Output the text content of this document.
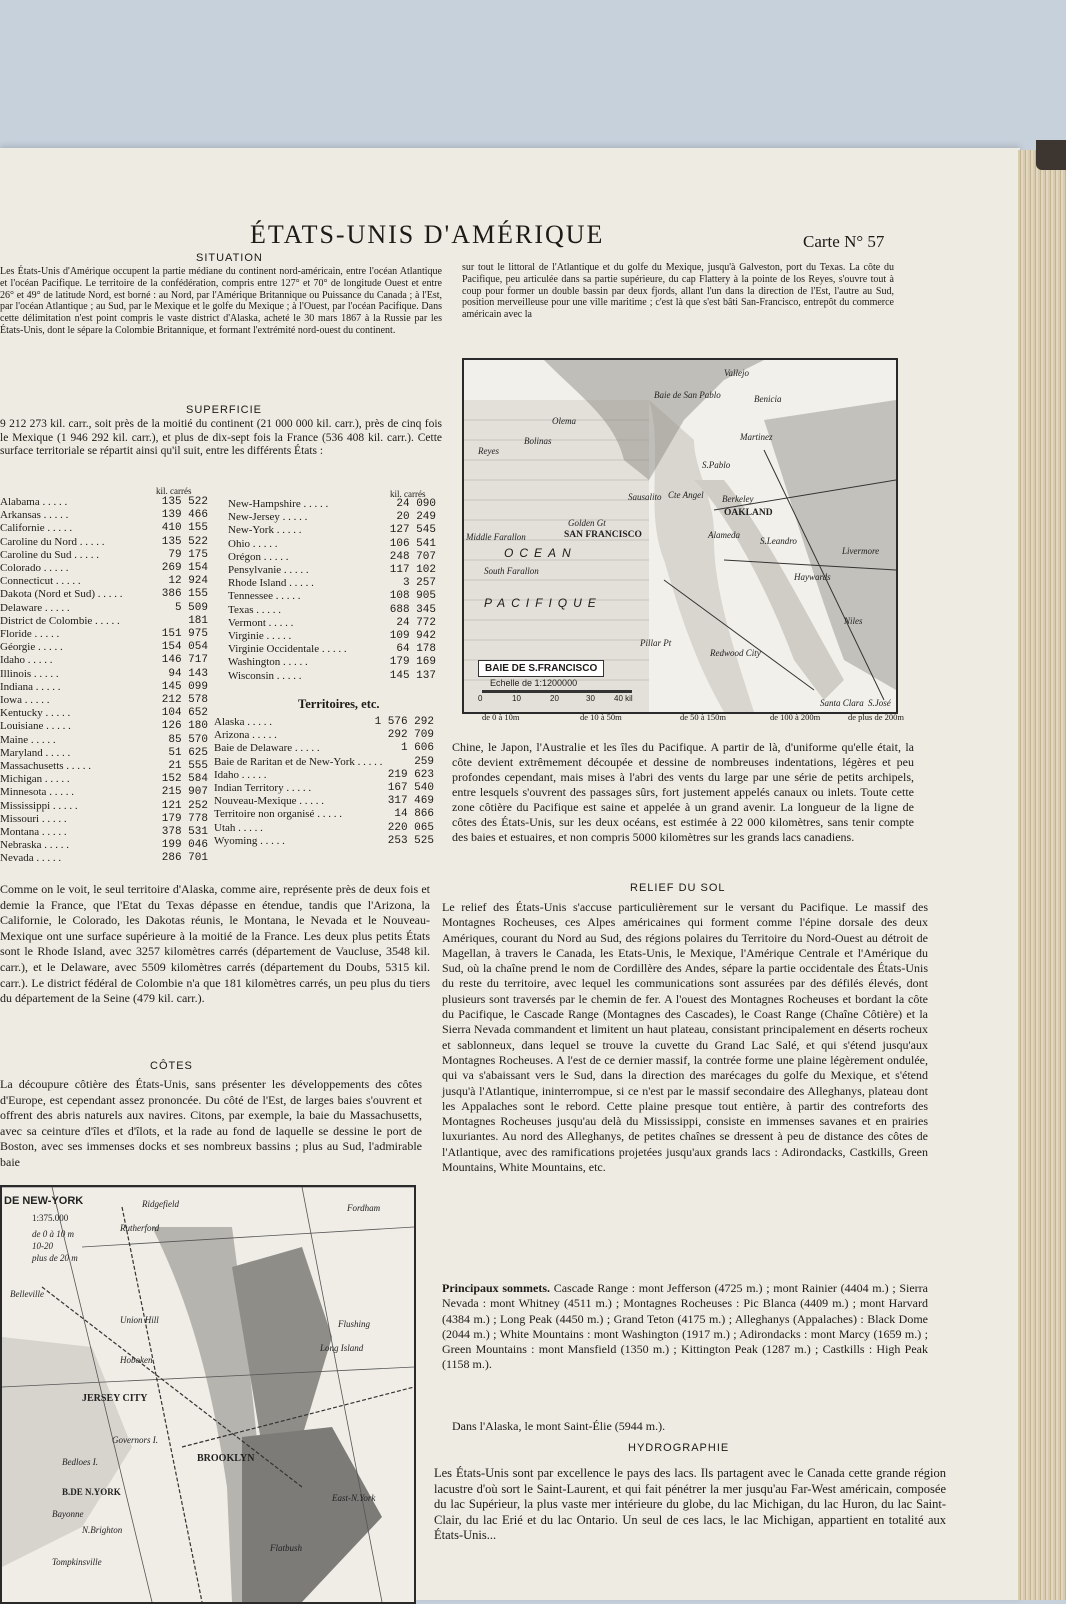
ÉTATS-UNIS D'AMÉRIQUE	Carte N° 57
SITUATION
Les États-Unis d'Amérique occupent la partie médiane du continent nord-américain, entre l'océan Atlantique et l'océan Pacifique. Le territoire de la confédération, compris entre 127° et 70° de longitude Ouest et entre 26° et 49° de latitude Nord, est borné : au Nord, par l'Amérique Britannique ou Puissance du Canada ; à l'Est, par l'océan Atlantique ; au Sud, par le Mexique et le golfe du Mexique ; à l'Ouest, par l'océan Pacifique. Dans cette délimitation n'est point compris le vaste district d'Alaska, acheté le 30 mars 1867 à la Russie par les États-Unis, dont le sépare la Colombie Britannique, et formant l'extrémité nord-ouest du continent.
SUPERFICIE
9 212 273 kil. carr., soit près de la moitié du continent (21 000 000 kil. carr.), près de cinq fois le Mexique (1 946 292 kil. carr.), et plus de dix-sept fois la France (536 408 kil. carr.). Cette surface territoriale se répartit ainsi qu'il suit, entre les différents États :
kil. carrés	kil. carrés
Alabama . . . . .	135 522
Arkansas . . . . .	139 466
Californie . . . . .	410 155
Caroline du Nord . . . . .	135 522
Caroline du Sud . . . . .	79 175
Colorado . . . . .	269 154
Connecticut . . . . .	12 924
Dakota (Nord et Sud) . . . . .	386 155
Delaware . . . . .	5 509
District de Colombie . . . . .	181
Floride . . . . .	151 975
Géorgie . . . . .	154 054
Idaho . . . . .	146 717
Illinois . . . . .	94 143
Indiana . . . . .	145 099
Iowa . . . . .	212 578
Kentucky . . . . .	104 652
Louisiane . . . . .	126 180
Maine . . . . .	85 570
Maryland . . . . .	51 625
Massachusetts . . . . .	21 555
Michigan . . . . .	152 584
Minnesota . . . . .	215 907
Mississippi . . . . .	121 252
Missouri . . . . .	179 778
Montana . . . . .	378 531
Nebraska . . . . .	199 046
Nevada . . . . .	286 701
New-Hampshire . . . . .	24 090
New-Jersey . . . . .	20 249
New-York . . . . .	127 545
Ohio . . . . .	106 541
Orégon . . . . .	248 707
Pensylvanie . . . . .	117 102
Rhode Island . . . . .	3 257
Tennessee . . . . .	108 905
Texas . . . . .	688 345
Vermont . . . . .	24 772
Virginie . . . . .	109 942
Virginie Occidentale . . . . .	64 178
Washington . . . . .	179 169
Wisconsin . . . . .	145 137
Territoires, etc.
Alaska . . . . .	1 576 292
Arizona . . . . .	292 709
Baie de Delaware . . . . .	1 606
Baie de Raritan et de New-York . . . . .	259
Idaho . . . . .	219 623
Indian Territory . . . . .	167 540
Nouveau-Mexique . . . . .	317 469
Territoire non organisé . . . . .	14 866
Utah . . . . .	220 065
Wyoming . . . . .	253 525
Comme on le voit, le seul territoire d'Alaska, comme aire, représente près de deux fois et demie la France, que l'Etat du Texas dépasse en étendue, tandis que l'Arizona, la Californie, le Colorado, les Dakotas réunis, le Montana, le Nevada et le Nouveau-Mexique ont une surface supérieure à la moitié de la France. Les deux plus petits États sont le Rhode Island, avec 3257 kilomètres carrés (département de Vaucluse, 3548 kil. carr.), et le Delaware, avec 5509 kilomètres carrés (département du Doubs, 5315 kil. carr.). Le district fédéral de Colombie n'a que 181 kilomètres carrés, un peu plus du tiers du département de la Seine (479 kil. carr.).
CÔTES
La découpure côtière des États-Unis, sans présenter les développements des côtes d'Europe, est cependant assez prononcée. Du côté de l'Est, de larges baies s'ouvrent et offrent des abris naturels aux navires. Citons, par exemple, la baie du Massachusetts, avec sa ceinture d'îles et d'îlots, et la rade au fond de laquelle se dessine le port de Boston, avec ses immenses docks et ses nombreux bassins ; plus au Sud, l'admirable baie
DE NEW-YORK
1:375.000
de 0 à 10 m
10-20
plus de 20 m
Ridgefield
Rutherford
Belleville
Union Hill
Hoboken
JERSEY CITY
BROOKLYN
Bayonne
N.Brighton
Tompkinsville
Flushing
Long Island
Flatbush
East-N.York
Fordham
B.DE N.YORK
Governors I.
Bedloes I.
sur tout le littoral de l'Atlantique et du golfe du Mexique, jusqu'à Galveston, port du Texas. La côte du Pacifique, peu articulée dans sa partie supérieure, du cap Flattery à la pointe de los Reyes, s'ouvre tout à coup pour former un double bassin par deux fjords, allant l'un dans la direction de l'Est, l'autre au Sud, position merveilleuse pour une ville maritime ; c'est là que s'est bâti San-Francisco, entrepôt du commerce américain avec la
Olema
Bolinas
Reyes
Sausalito Cte Angel Berkeley
OAKLAND
SAN FRANCISCO	Alameda
S.Leandro
Livermore
Haywards
Niles
Redwood City
Santa Clara S.José
Martinez
S.Pablo
Benicia
Vallejo
Golden Gt
Middle Farallon
South Farallon
Pillar Pt
Baie de San Pablo
OCEAN
PACIFIQUE
BAIE DE S.FRANCISCO
Echelle de 1:1200000
0	10	20	30 40 kil
de 0 à 10m	de 10 à 50m	de 50 à 150m	de 100 à 200m	de plus de 200m
Chine, le Japon, l'Australie et les îles du Pacifique. A partir de là, d'uniforme qu'elle était, la côte devient extrêmement découpée et dessine de nombreuses indentations, légères et peu profondes cependant, mais mises à l'abri des vents du large par une série de petits archipels, entre lesquels s'ouvrent des passages sûrs, fort justement appelés canaux ou inlets. Toute cette zone côtière du Pacifique est saine et appelée à un grand avenir. La longueur de la ligne de côtes des États-Unis, sur les deux océans, est estimée à 22 000 kilomètres, sans tenir compte des baies et estuaires, et non compris 5000 kilomètres sur les grands lacs canadiens.
RELIEF DU SOL
Le relief des États-Unis s'accuse particulièrement sur le versant du Pacifique. Le massif des Montagnes Rocheuses, ces Alpes américaines qui forment comme l'épine dorsale des deux Amériques, courant du Nord au Sud, des régions polaires du Territoire du Nord-Ouest au détroit de Magellan, à travers le Canada, les Etats-Unis, le Mexique, l'Amérique Centrale et l'Amérique du Sud, où la chaîne prend le nom de Cordillère des Andes, sépare la partie occidentale des États-Unis du reste du territoire, avec lequel les communications sont assurées par des défilés élevés, dont plusieurs sont traversés par le chemin de fer. A l'ouest des Montagnes Rocheuses et bordant la côte du Pacifique, le Cascade Range (Montagnes des Cascades), le Coast Range (Chaîne Côtière) et la Sierra Nevada commandent et limitent un haut plateau, consistant principalement en déserts rocheux et sablonneux, dans lequel se trouve la cuvette du Grand Lac Salé, et qui s'étend jusqu'aux Montagnes Rocheuses. A l'est de ce dernier massif, la contrée forme une plaine légèrement ondulée, qui va s'abaissant vers le Sud, dans la direction des marécages du golfe du Mexique, et s'étend jusqu'à l'Atlantique, ininterrompue, si ce n'est par le massif secondaire des Alleghanys, plateau dont les Appalaches sont le rebord. Cette plaine presque tout entière, à partir des contreforts des Montagnes Rocheuses jusqu'au delà du Mississippi, consiste en immenses savanes et en prairies luxuriantes. Au nord des Alleghanys, de petites chaînes se dressent à peu de distance des côtes de l'Atlantique, avec des ramifications projetées jusqu'aux grands lacs : Adirondacks, Castkills, Green Mountains, White Mountains, etc.
Principaux sommets. Cascade Range : mont Jefferson (4725 m.) ; mont Rainier (4404 m.) ; Sierra Nevada : mont Whitney (4511 m.) ; Montagnes Rocheuses : Pic Blanca (4409 m.) ; mont Harvard (4384 m.) ; Long Peak (4450 m.) ; Grand Teton (4175 m.) ; Alleghanys (Appalaches) : Black Dome (2044 m.) ; White Mountains : mont Washington (1917 m.) ; Adirondacks : mont Marcy (1659 m.) ; Green Mountains : mont Mansfield (1350 m.) ; Kittington Peak (1287 m.) ; Castkills : High Peak (1158 m.).
Dans l'Alaska, le mont Saint-Élie (5944 m.).
HYDROGRAPHIE
Les États-Unis sont par excellence le pays des lacs. Ils partagent avec le Canada cette grande région lacustre d'où sort le Saint-Laurent, et qui fait pénétrer la mer jusqu'au Far-West américain, composée du lac Supérieur, la plus vaste mer intérieure du globe, du lac Michigan, du lac Huron, du lac Saint-Clair, du lac Erié et du lac Ontario. Un seul de ces lacs, le lac Michigan, appartient en totalité aux États-Unis...
